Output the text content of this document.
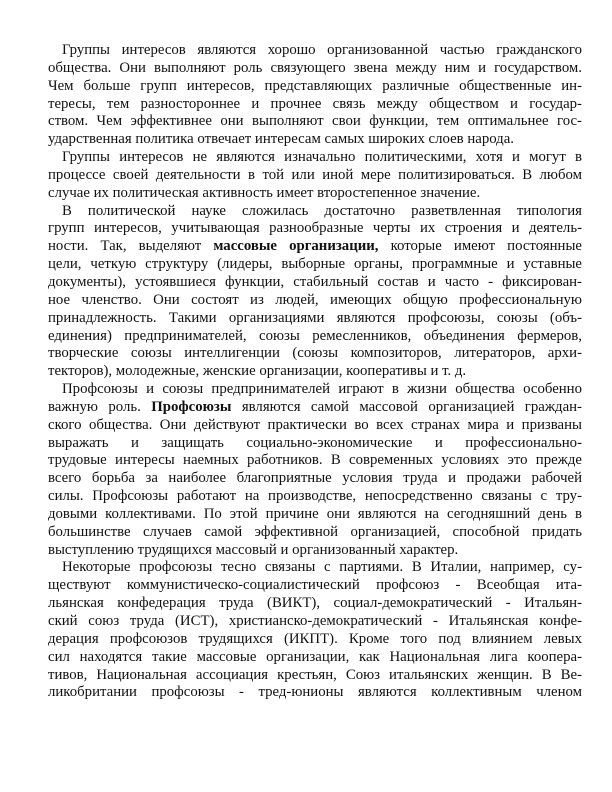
Группы интересов являются хорошо организованной частью гражданского
общества. Они выполняют роль связующего звена между ним и государством.
Чем больше групп интересов, представляющих различные общественные ин-
тересы, тем разностороннее и прочнее связь между обществом и государ-
ством. Чем эффективнее они выполняют свои функции, тем оптимальнее гос-
ударственная политика отвечает интересам самых широких слоев народа.
Группы интересов не являются изначально политическими, хотя и могут в
процессе своей деятельности в той или иной мере политизироваться. В любом
случае их политическая активность имеет второстепенное значение.
В политической науке сложилась достаточно разветвленная типология
групп интересов, учитывающая разнообразные черты их строения и деятель-
ности. Так, выделяют массовые организации, которые имеют постоянные
цели, четкую структуру (лидеры, выборные органы, программные и уставные
документы), устоявшиеся функции, стабильный состав и часто - фиксирован-
ное членство. Они состоят из людей, имеющих общую профессиональную
принадлежность. Такими организациями являются профсоюзы, союзы (объ-
единения) предпринимателей, союзы ремесленников, объединения фермеров,
творческие союзы интеллигенции (союзы композиторов, литераторов, архи-
текторов), молодежные, женские организации, кооперативы и т. д.
Профсоюзы и союзы предпринимателей играют в жизни общества особенно
важную роль. Профсоюзы являются самой массовой организацией граждан-
ского общества. Они действуют практически во всех странах мира и призваны
выражать и защищать социально-экономические и профессионально-
трудовые интересы наемных работников. В современных условиях это прежде
всего борьба за наиболее благоприятные условия труда и продажи рабочей
силы. Профсоюзы работают на производстве, непосредственно связаны с тру-
довыми коллективами. По этой причине они являются на сегодняшний день в
большинстве случаев самой эффективной организацией, способной придать
выступлению трудящихся массовый и организованный характер.
Некоторые профсоюзы тесно связаны с партиями. В Италии, например, су-
ществуют коммунистическо-социалистический профсоюз - Всеобщая ита-
льянская конфедерация труда (ВИКТ), социал-демократический - Итальян-
ский союз труда (ИСТ), христианско-демократический - Итальянская конфе-
дерация профсоюзов трудящихся (ИКПТ). Кроме того под влиянием левых
сил находятся такие массовые организации, как Национальная лига коопера-
тивов, Национальная ассоциация крестьян, Союз итальянских женщин. В Ве-
ликобритании профсоюзы - тред-юнионы являются коллективным членом
